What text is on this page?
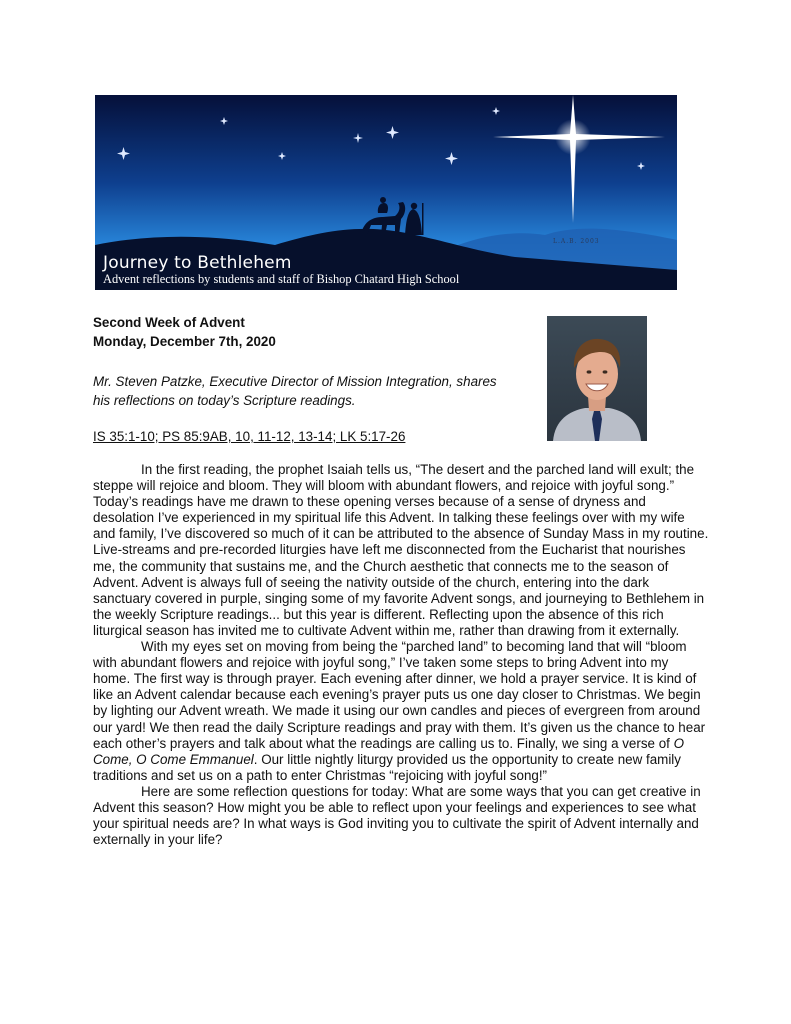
L.A.B. 2003
Journey to Bethlehem
Advent reflections by students and staff of Bishop Chatard High School
Second Week of Advent
Monday, December 7th, 2020
Mr. Steven Patzke, Executive Director of Mission Integration, shares his reflections on today’s Scripture readings.
IS 35:1-10; PS 85:9AB, 10, 11-12, 13-14; LK 5:17-26

In the first reading, the prophet Isaiah tells us, “The desert and the parched land will exult; the steppe will rejoice and bloom. They will bloom with abundant flowers, and rejoice with joyful song.” Today’s readings have me drawn to these opening verses because of a sense of dryness and desolation I’ve experienced in my spiritual life this Advent. In talking these feelings over with my wife and family, I’ve discovered so much of it can be attributed to the absence of Sunday Mass in my routine. Live-streams and pre-recorded liturgies have left me disconnected from the Eucharist that nourishes me, the community that sustains me, and the Church aesthetic that connects me to the season of Advent. Advent is always full of seeing the nativity outside of the church, entering into the dark sanctuary covered in purple, singing some of my favorite Advent songs, and journeying to Bethlehem in the weekly Scripture readings... but this year is different. Reflecting upon the absence of this rich liturgical season has invited me to cultivate Advent within me, rather than drawing from it externally.

With my eyes set on moving from being the “parched land” to becoming land that will “bloom with abundant flowers and rejoice with joyful song,” I’ve taken some steps to bring Advent into my home. The first way is through prayer. Each evening after dinner, we hold a prayer service. It is kind of like an Advent calendar because each evening’s prayer puts us one day closer to Christmas. We begin by lighting our Advent wreath. We made it using our own candles and pieces of evergreen from around our yard! We then read the daily Scripture readings and pray with them. It’s given us the chance to hear each other’s prayers and talk about what the readings are calling us to. Finally, we sing a verse of O Come, O Come Emmanuel. Our little nightly liturgy provided us the opportunity to create new family traditions and set us on a path to enter Christmas “rejoicing with joyful song!”

Here are some reflection questions for today: What are some ways that you can get creative in Advent this season? How might you be able to reflect upon your feelings and experiences to see what your spiritual needs are? In what ways is God inviting you to cultivate the spirit of Advent internally and externally in your life?
